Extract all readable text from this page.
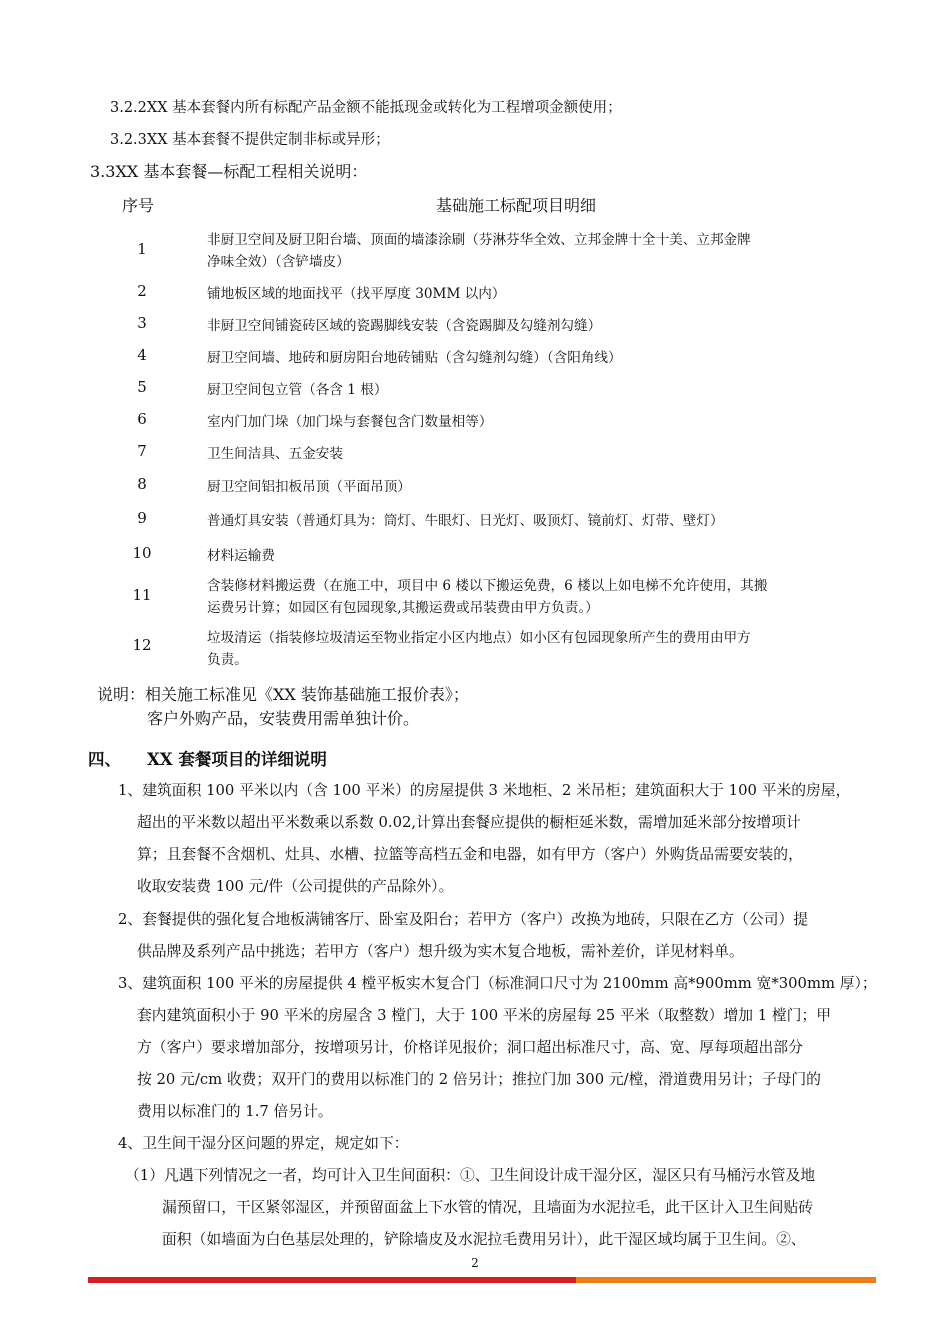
3.2.2XX 基本套餐内所有标配产品金额不能抵现金或转化为工程增项金额使用；
3.2.3XX 基本套餐不提供定制非标或异形；
3.3XX 基本套餐—标配工程相关说明：
序号	基础施工标配项目明细
1	非厨卫空间及厨卫阳台墙、顶面的墙漆涂刷（芬淋芬华全效、立邦金牌十全十美、立邦金牌
净味全效）（含铲墙皮）
2	铺地板区域的地面找平（找平厚度 30MM 以内）
3	非厨卫空间铺瓷砖区域的瓷踢脚线安装（含瓷踢脚及勾缝剂勾缝）
4	厨卫空间墙、地砖和厨房阳台地砖铺贴（含勾缝剂勾缝）（含阳角线）
5	厨卫空间包立管（各含 1 根）
6	室内门加门垛（加门垛与套餐包含门数量相等）
7	卫生间洁具、五金安装
8	厨卫空间铝扣板吊顶（平面吊顶）
9	普通灯具安装（普通灯具为：筒灯、牛眼灯、日光灯、吸顶灯、镜前灯、灯带、壁灯）
10	材料运输费
11	含装修材料搬运费（在施工中，项目中 6 楼以下搬运免费，6 楼以上如电梯不允许使用，其搬
运费另计算；如园区有包园现象,其搬运费或吊装费由甲方负责。）
12	垃圾清运（指装修垃圾清运至物业指定小区内地点）如小区有包园现象所产生的费用由甲方
负责。
说明：相关施工标准见《XX 装饰基础施工报价表》；
客户外购产品，安装费用需单独计价。
四、 XX 套餐项目的详细说明
1、建筑面积 100 平米以内（含 100 平米）的房屋提供 3 米地柜、2 米吊柜；建筑面积大于 100 平米的房屋，
超出的平米数以超出平米数乘以系数 0.02,计算出套餐应提供的橱柜延米数，需增加延米部分按增项计
算；且套餐不含烟机、灶具、水槽、拉篮等高档五金和电器，如有甲方（客户）外购货品需要安装的，
收取安装费 100 元/件（公司提供的产品除外）。
2、套餐提供的强化复合地板满铺客厅、卧室及阳台；若甲方（客户）改换为地砖，只限在乙方（公司）提
供品牌及系列产品中挑选；若甲方（客户）想升级为实木复合地板，需补差价，详见材料单。
3、建筑面积 100 平米的房屋提供 4 樘平板实木复合门（标准洞口尺寸为 2100mm 高*900mm 宽*300mm 厚）；
套内建筑面积小于 90 平米的房屋含 3 樘门，大于 100 平米的房屋每 25 平米（取整数）增加 1 樘门；甲
方（客户）要求增加部分，按增项另计，价格详见报价；洞口超出标准尺寸，高、宽、厚每项超出部分
按 20 元/cm 收费；双开门的费用以标准门的 2 倍另计；推拉门加 300 元/樘，滑道费用另计；子母门的
费用以标准门的 1.7 倍另计。
4、卫生间干湿分区问题的界定，规定如下：
（1）凡遇下列情况之一者，均可计入卫生间面积：①、卫生间设计成干湿分区，湿区只有马桶污水管及地
漏预留口，干区紧邻湿区，并预留面盆上下水管的情况，且墙面为水泥拉毛，此干区计入卫生间贴砖
面积（如墙面为白色基层处理的，铲除墙皮及水泥拉毛费用另计），此干湿区域均属于卫生间。②、
2
